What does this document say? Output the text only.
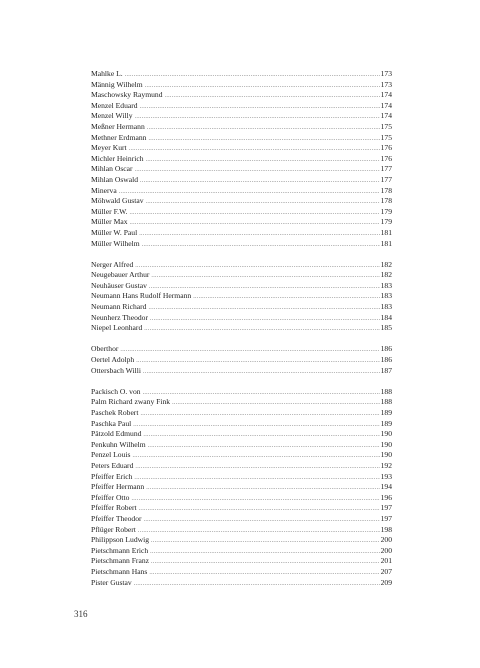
Mahlke L. .....	173
Männig Wilhelm .....	173
Maschowsky Raymund .....	174
Menzel Eduard .....	174
Menzel Willy .....	174
Meßner Hermann .....	175
Methner Erdmann .....	175
Meyer Kurt .....	176
Michler Heinrich .....	176
Mihlan Oscar .....	177
Mihlan Oswald .....	177
Minerva .....	178
Möhwald Gustav .....	178
Müller F.W. .....	179
Müller Max .....	179
Müller W. Paul .....	181
Müller Wilhelm .....	181
Nerger Alfred .....	182
Neugebauer Arthur .....	182
Neuhäuser Gustav .....	183
Neumann Hans Rudolf Hermann .....	183
Neumann Richard .....	183
Neunherz Theodor .....	184
Niepel Leonhard .....	185
Oberthor .....	186
Oertel Adolph .....	186
Ottersbach Willi .....	187
Packisch O. von .....	188
Palm Richard zwany Fink .....	188
Paschek Robert .....	189
Paschka Paul .....	189
Pätzold Edmund .....	190
Penkuhn Wilhelm .....	190
Penzel Louis .....	190
Peters Eduard .....	192
Pfeiffer Erich .....	193
Pfeiffer Hermann .....	194
Pfeiffer Otto .....	196
Pfeiffer Robert .....	197
Pfeiffer Theodor .....	197
Pflüger Robert .....	198
Philippson Ludwig .....	200
Pietschmann Erich .....	200
Pietschmann Franz .....	201
Pietschmann Hans .....	207
Pister Gustav .....	209
316
